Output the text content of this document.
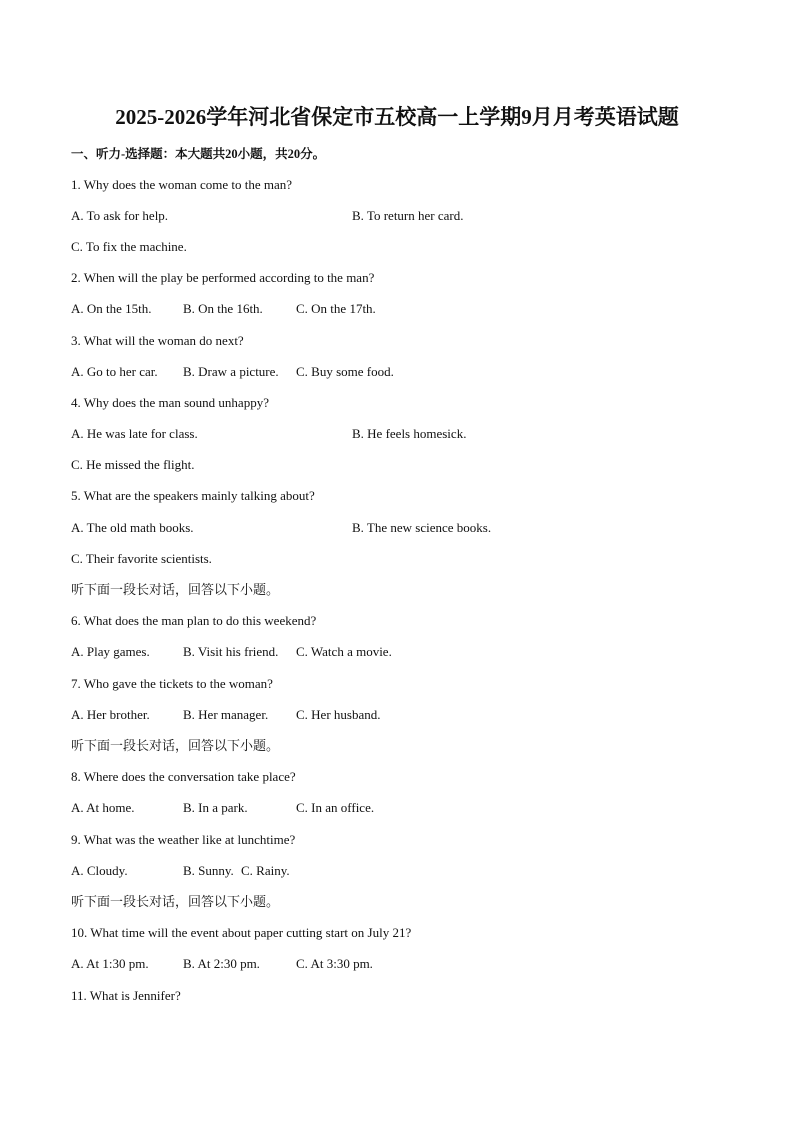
2025-2026学年河北省保定市五校高一上学期9月月考英语试题
一、听力-选择题：本大题共20小题，共20分。
1. Why does the woman come to the man?
A. To ask for help.	B. To return her card.
C. To fix the machine.
2. When will the play be performed according to the man?
A. On the 15th. B. On the 16th.	C. On the 17th.
3. What will the woman do next?
A. Go to her car. B. Draw a picture. C. Buy some food.
4. Why does the man sound unhappy?
A. He was late for class.	B. He feels homesick.
C. He missed the flight.
5. What are the speakers mainly talking about?
A. The old math books.	B. The new science books.
C. Their favorite scientists.
听下面一段长对话，回答以下小题。
6. What does the man plan to do this weekend?
A. Play games.	B. Visit his friend. C. Watch a movie.
7. Who gave the tickets to the woman?
A. Her brother.	B. Her manager. C. Her husband.
听下面一段长对话，回答以下小题。
8. Where does the conversation take place?
A. At home.	B. In a park.	C. In an office.
9. What was the weather like at lunchtime?
A. Cloudy.	B. Sunny. C. Rainy.
听下面一段长对话，回答以下小题。
10. What time will the event about paper cutting start on July 21?
A. At 1:30 pm.	B. At 2:30 pm.	C. At 3:30 pm.
11. What is Jennifer?
